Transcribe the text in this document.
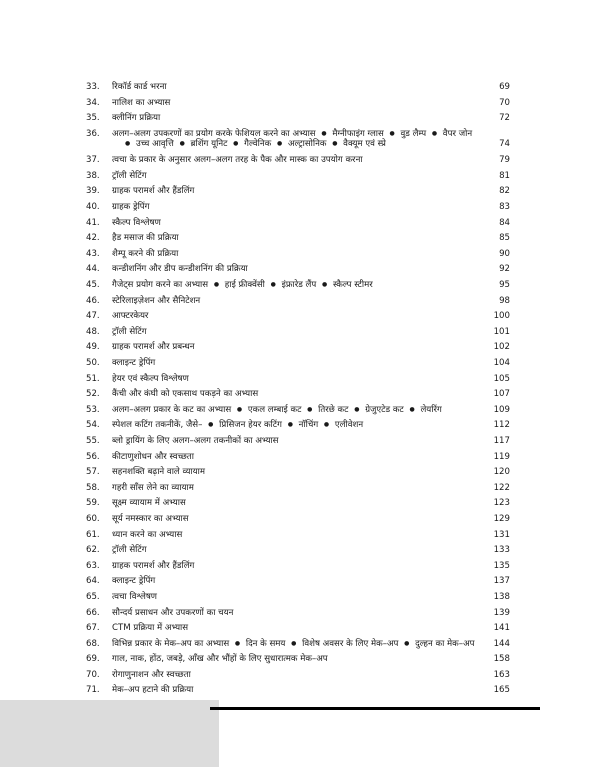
33.	रिकॉर्ड कार्ड भरना	69
34.	नालिश का अभ्यास	70
35.	क्लीनिंग प्रक्रिया	72
36.	अलग–अलग उपकरणों का प्रयोग करके फेशियल करने का अभ्यास ● मैग्नीफाइंग ग्लास ● वुड लैम्प ● वैपर जोन
● उच्च आवृत्ति ● ब्रशिंग यूनिट ● गैल्वेनिक ● अल्ट्रासोनिक ● वैक्यूम एवं स्प्रे	74
37.	त्वचा के प्रकार के अनुसार अलग–अलग तरह के पैक और मास्क का उपयोग करना	79
38.	ट्रॉली सेटिंग	81
39.	ग्राहक परामर्श और हैंडलिंग	82
40.	ग्राहक ड्रेपिंग	83
41.	स्कैल्प विश्लेषण	84
42.	हैड मसाज की प्रक्रिया	85
43.	शैम्पू करने की प्रक्रिया	90
44.	कन्डीशनिंग और डीप कन्डीशनिंग की प्रक्रिया	92
45.	गैजेट्स प्रयोग करने का अभ्यास ● हाई फ्रीक्वेंसी ● इंफ्रारेड लैंप ● स्कैल्प स्टीमर	95
46.	स्टेरिलाइज़ेशन और सैनिटेशन	98
47.	आफ्टरकेयर	100
48.	ट्रॉली सेटिंग	101
49.	ग्राहक परामर्श और प्रबन्धन	102
50.	क्लाइन्ट ड्रेपिंग	104
51.	हेयर एवं स्कैल्प विश्लेषण	105
52.	कैंची और कंघी को एकसाथ पकड़ने का अभ्यास	107
53.	अलग–अलग प्रकार के कट का अभ्यास ● एकल लम्बाई कट ● तिरछे कट ● ग्रेजुएटेड कट ● लेयरिंग	109
54.	स्पेशल कटिंग तकनीकें, जैसे– ● प्रिसिजन हेयर कटिंग ● नॉचिंग ● एलीवेशन	112
55.	ब्लो ड्रायिंग के लिए अलग–अलग तकनीकों का अभ्यास	117
56.	कीटाणुशोधन और स्वच्छता	119
57.	सहनशक्ति बढ़ाने वाले व्यायाम	120
58.	गहरी साँस लेने का व्यायाम	122
59.	सूक्ष्म व्यायाम में अभ्यास	123
60.	सूर्य नमस्कार का अभ्यास	129
61.	ध्यान करने का अभ्यास	131
62.	ट्रॉली सेटिंग	133
63.	ग्राहक परामर्श और हैंडलिंग	135
64.	क्लाइन्ट ड्रेपिंग	137
65.	त्वचा विश्लेषण	138
66.	सौन्दर्य प्रसाधन और उपकरणों का चयन	139
67.	CTM प्रक्रिया में अभ्यास	141
68.	विभिन्न प्रकार के मेक–अप का अभ्यास ● दिन के समय ● विशेष अवसर के लिए मेक–अप ● दुल्हन का मेक–अप	144
69.	गाल, नाक, होंठ, जबड़े, आँख और भौंहों के लिए सुधारात्मक मेक–अप	158
70.	रोगाणुनाशन और स्वच्छता	163
71.	मेक–अप हटाने की प्रक्रिया	165
